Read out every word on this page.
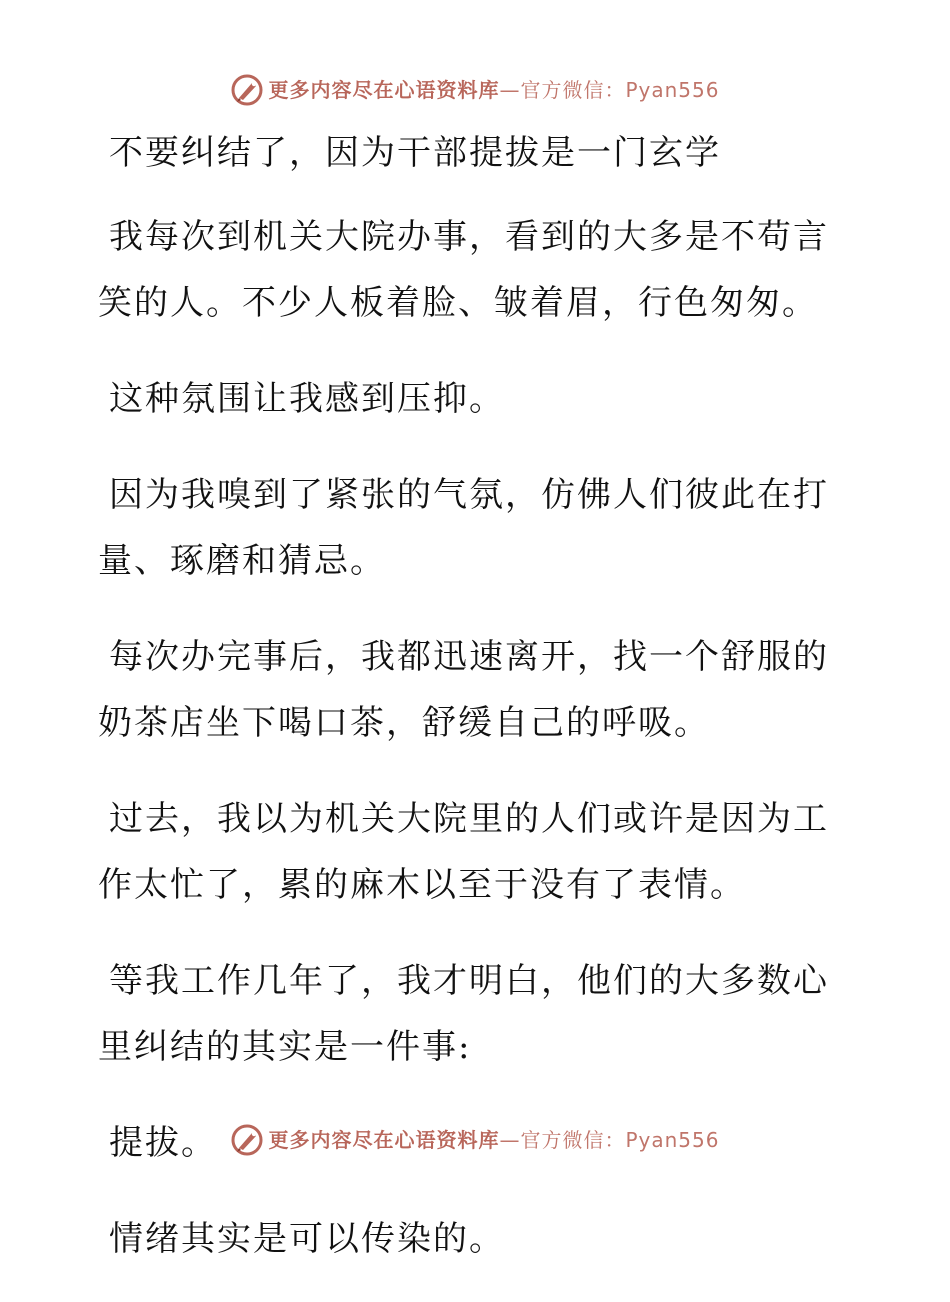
更多内容尽在心语资料库 — 官方微信：Pyan556

不要纠结了，因为干部提拔是一门玄学

我每次到机关大院办事，看到的大多是不苟言笑的人。不少人板着脸、皱着眉，行色匆匆。

这种氛围让我感到压抑。

因为我嗅到了紧张的气氛，仿佛人们彼此在打量、琢磨和猜忌。

每次办完事后，我都迅速离开，找一个舒服的奶茶店坐下喝口茶，舒缓自己的呼吸。

过去，我以为机关大院里的人们或许是因为工作太忙了，累的麻木以至于没有了表情。

等我工作几年了，我才明白，他们的大多数心里纠结的其实是一件事:

提拔。

情绪其实是可以传染的。

更多内容尽在心语资料库 — 官方微信：Pyan556
